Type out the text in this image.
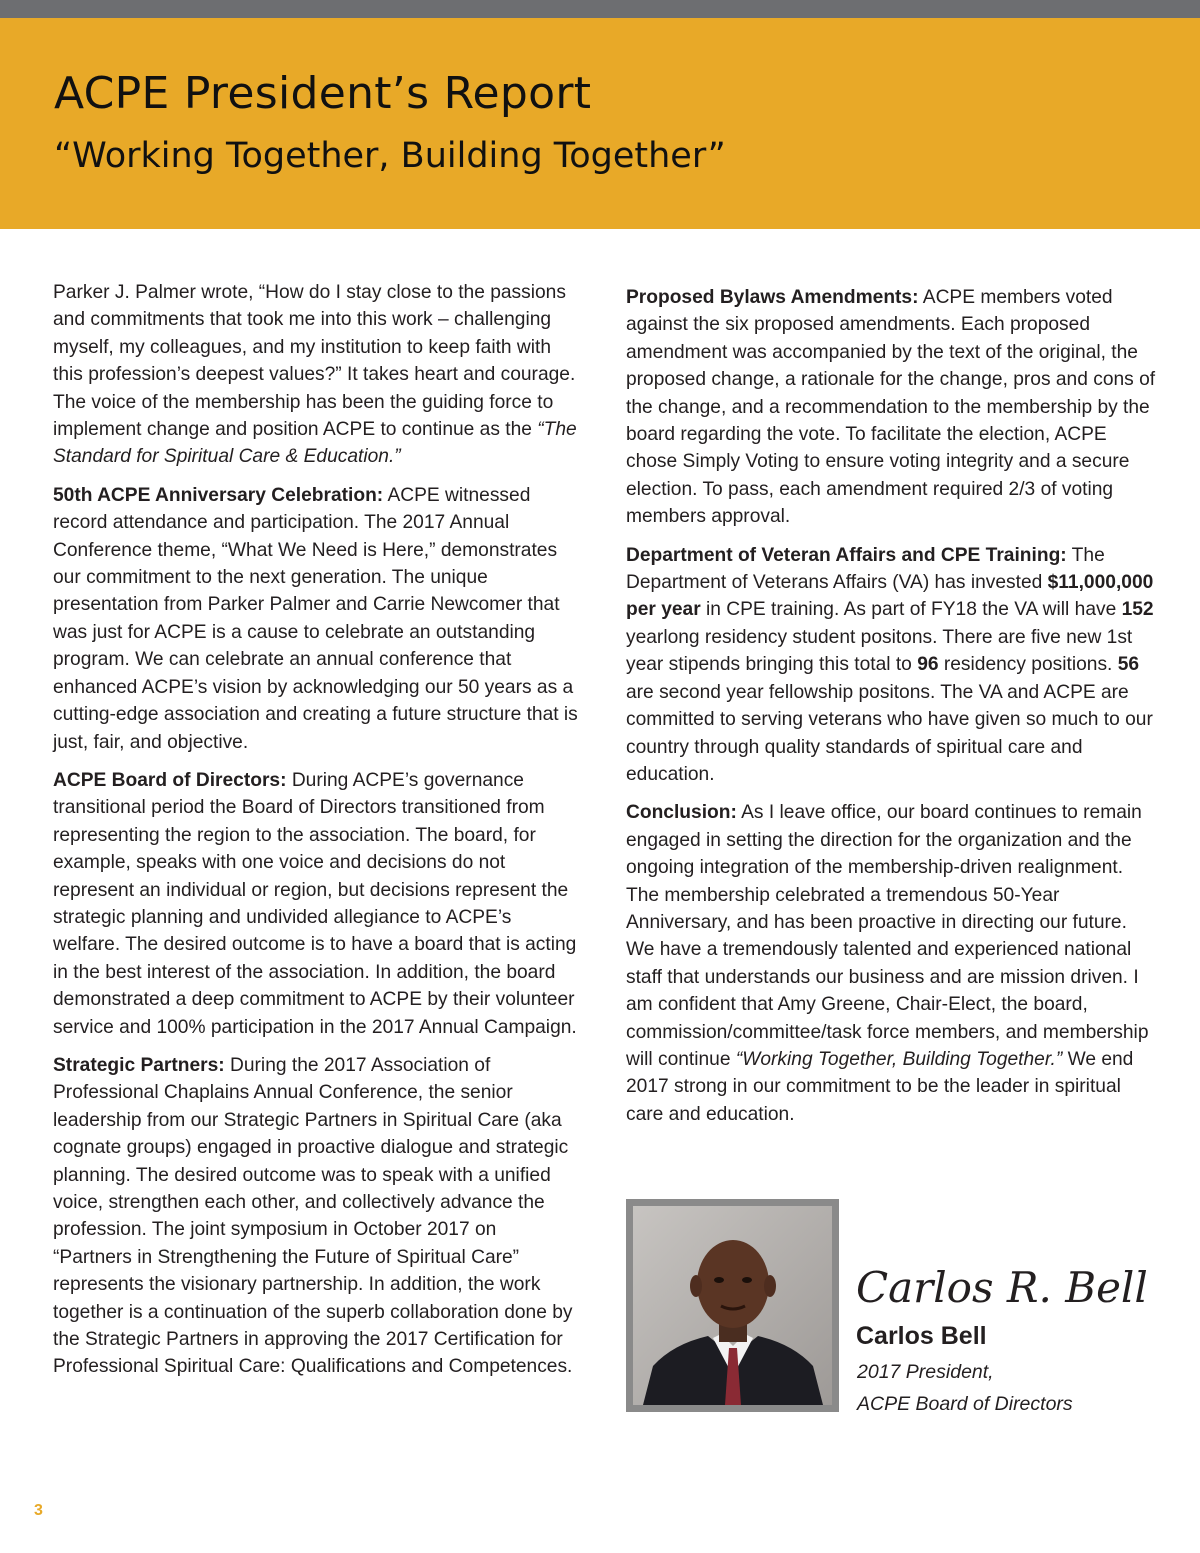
ACPE President’s Report
“Working Together, Building Together”

Parker J. Palmer wrote, “How do I stay close to the passions and commitments that took me into this work – challenging myself, my colleagues, and my institution to keep faith with this profession’s deepest values?” It takes heart and courage. The voice of the membership has been the guiding force to implement change and position ACPE to continue as the “The Standard for Spiritual Care & Education.”

50th ACPE Anniversary Celebration: ACPE witnessed record attendance and participation. The 2017 Annual Conference theme, “What We Need is Here,” demonstrates our commitment to the next generation. The unique presentation from Parker Palmer and Carrie Newcomer that was just for ACPE is a cause to celebrate an outstanding program. We can celebrate an annual conference that enhanced ACPE’s vision by acknowledging our 50 years as a cutting-edge association and creating a future structure that is just, fair, and objective.

ACPE Board of Directors: During ACPE’s governance transitional period the Board of Directors transitioned from representing the region to the association. The board, for example, speaks with one voice and decisions do not represent an individual or region, but decisions represent the strategic planning and undivided allegiance to ACPE’s welfare. The desired outcome is to have a board that is acting in the best interest of the association. In addition, the board demonstrated a deep commitment to ACPE by their volunteer service and 100% participation in the 2017 Annual Campaign.

Strategic Partners: During the 2017 Association of Professional Chaplains Annual Conference, the senior leadership from our Strategic Partners in Spiritual Care (aka cognate groups) engaged in proactive dialogue and strategic planning. The desired outcome was to speak with a unified voice, strengthen each other, and collectively advance the profession. The joint symposium in October 2017 on “Partners in Strengthening the Future of Spiritual Care” represents the visionary partnership. In addition, the work together is a continuation of the superb collaboration done by the Strategic Partners in approving the 2017 Certification for Professional Spiritual Care: Qualifications and Competences.

Proposed Bylaws Amendments: ACPE members voted against the six proposed amendments. Each proposed amendment was accompanied by the text of the original, the proposed change, a rationale for the change, pros and cons of the change, and a recommendation to the membership by the board regarding the vote. To facilitate the election, ACPE chose Simply Voting to ensure voting integrity and a secure election. To pass, each amendment required 2/3 of voting members approval.

Department of Veteran Affairs and CPE Training: The Department of Veterans Affairs (VA) has invested $11,000,000 per year in CPE training. As part of FY18 the VA will have 152 yearlong residency student positons. There are five new 1st year stipends bringing this total to 96 residency positions. 56 are second year fellowship positons. The VA and ACPE are committed to serving veterans who have given so much to our country through quality standards of spiritual care and education.

Conclusion: As I leave office, our board continues to remain engaged in setting the direction for the organization and the ongoing integration of the membership-driven realignment. The membership celebrated a tremendous 50-Year Anniversary, and has been proactive in directing our future. We have a tremendously talented and experienced national staff that understands our business and are mission driven. I am confident that Amy Greene, Chair-Elect, the board, commission/committee/task force members, and membership will continue “Working Together, Building Together.” We end 2017 strong in our commitment to be the leader in spiritual care and education.

Carlos R. Bell
Carlos Bell
2017 President,
ACPE Board of Directors
3
